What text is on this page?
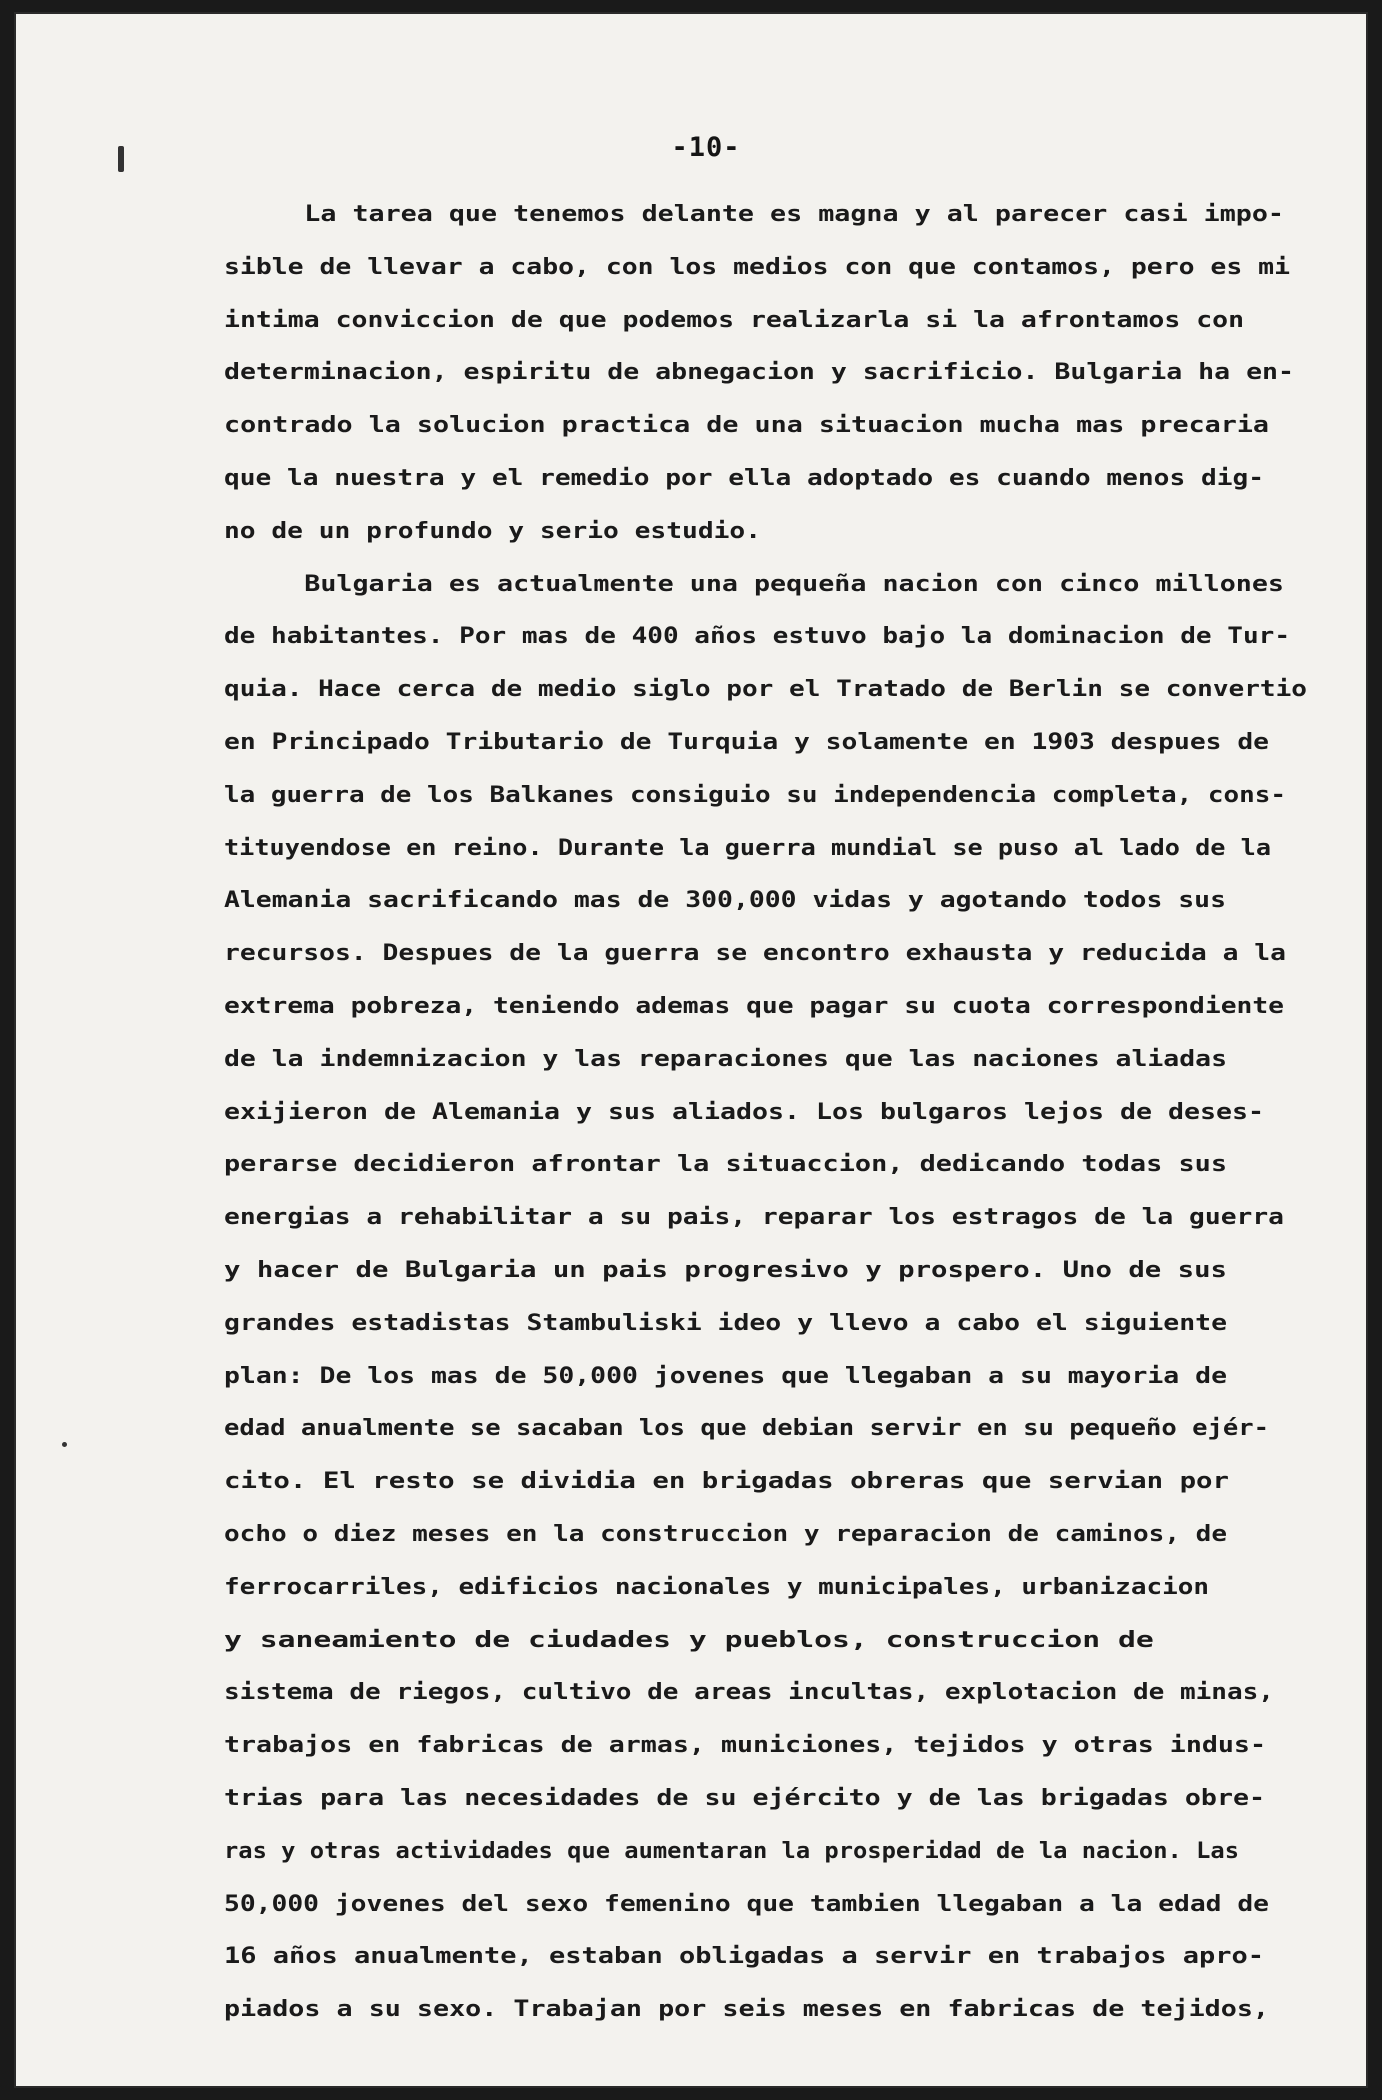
-10-
La tarea que tenemos delante es magna y al parecer casi impo-
sible de llevar a cabo, con los medios con que contamos, pero es mi
intima conviccion de que podemos realizarla si la afrontamos con
determinacion, espiritu de abnegacion y sacrificio. Bulgaria ha en-
contrado la solucion practica de una situacion mucha mas precaria
que la nuestra y el remedio por ella adoptado es cuando menos dig-
no de un profundo y serio estudio.
Bulgaria es actualmente una pequeña nacion con cinco millones
de habitantes. Por mas de 400 años estuvo bajo la dominacion de Tur-
quia. Hace cerca de medio siglo por el Tratado de Berlin se convertio
en Principado Tributario de Turquia y solamente en 1903 despues de
la guerra de los Balkanes consiguio su independencia completa, cons-
tituyendose en reino. Durante la guerra mundial se puso al lado de la
Alemania sacrificando mas de 300,000 vidas y agotando todos sus
recursos. Despues de la guerra se encontro exhausta y reducida a la
extrema pobreza, teniendo ademas que pagar su cuota correspondiente
de la indemnizacion y las reparaciones que las naciones aliadas
exijieron de Alemania y sus aliados. Los bulgaros lejos de deses-
perarse decidieron afrontar la situaccion, dedicando todas sus
energias a rehabilitar a su pais, reparar los estragos de la guerra
y hacer de Bulgaria un pais progresivo y prospero. Uno de sus
grandes estadistas Stambuliski ideo y llevo a cabo el siguiente
plan: De los mas de 50,000 jovenes que llegaban a su mayoria de
edad anualmente se sacaban los que debian servir en su pequeño ejér-
cito. El resto se dividia en brigadas obreras que servian por
ocho o diez meses en la construccion y reparacion de caminos, de
ferrocarriles, edificios nacionales y municipales, urbanizacion
y saneamiento de ciudades y pueblos, construccion de
sistema de riegos, cultivo de areas incultas, explotacion de minas,
trabajos en fabricas de armas, municiones, tejidos y otras indus-
trias para las necesidades de su ejército y de las brigadas obre-
ras y otras actividades que aumentaran la prosperidad de la nacion. Las
50,000 jovenes del sexo femenino que tambien llegaban a la edad de
16 años anualmente, estaban obligadas a servir en trabajos apro-
piados a su sexo. Trabajan por seis meses en fabricas de tejidos,
